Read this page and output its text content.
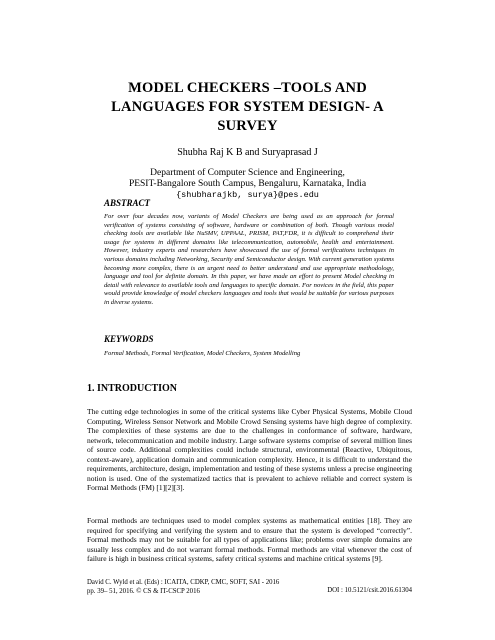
MODEL CHECKERS –TOOLS AND
LANGUAGES FOR SYSTEM DESIGN- A
SURVEY
Shubha Raj K B and Suryaprasad J
Department of Computer Science and Engineering,
PESIT-Bangalore South Campus, Bengaluru, Karnataka, India
{shubharajkb, surya}@pes.edu
ABSTRACT

For over four decades now, variants of Model Checkers are being used as an approach for formal verification of systems consisting of software, hardware or combination of both. Though various model checking tools are available like NuSMV, UPPAAL, PRISM, PAT,FDR, it is difficult to comprehend their usage for systems in different domains like telecommunication, automobile, health and entertainment. However, industry experts and researchers have showcased the use of formal verifications techniques in various domains including Networking, Security and Semiconductor design. With current generation systems becoming more complex, there is an urgent need to better understand and use appropriate methodology, language and tool for definite domain. In this paper, we have made an effort to present Model checking in detail with relevance to available tools and languages to specific domain. For novices in the field, this paper would provide knowledge of model checkers languages and tools that would be suitable for various purposes in diverse systems.

KEYWORDS

Formal Methods, Formal Verification, Model Checkers, System Modelling

1. INTRODUCTION

The cutting edge technologies in some of the critical systems like Cyber Physical Systems, Mobile Cloud Computing, Wireless Sensor Network and Mobile Crowd Sensing systems have high degree of complexity. The complexities of these systems are due to the challenges in conformance of software, hardware, network, telecommunication and mobile industry. Large software systems comprise of several million lines of source code. Additional complexities could include structural, environmental (Reactive, Ubiquitous, context-aware), application domain and communication complexity. Hence, it is difficult to understand the requirements, architecture, design, implementation and testing of these systems unless a precise engineering notion is used. One of the systematized tactics that is prevalent to achieve reliable and correct system is Formal Methods (FM) [1][2][3].

Formal methods are techniques used to model complex systems as mathematical entities [18]. They are required for specifying and verifying the system and to ensure that the system is developed “correctly”. Formal methods may not be suitable for all types of applications like; problems over simple domains are usually less complex and do not warrant formal methods. Formal methods are vital whenever the cost of failure is high in business critical systems, safety critical systems and machine critical systems [9].

David C. Wyld et al. (Eds) : ICAITA, CDKP, CMC, SOFT, SAI - 2016
pp. 39– 51, 2016. © CS & IT-CSCP 2016	DOI : 10.5121/csit.2016.61304
